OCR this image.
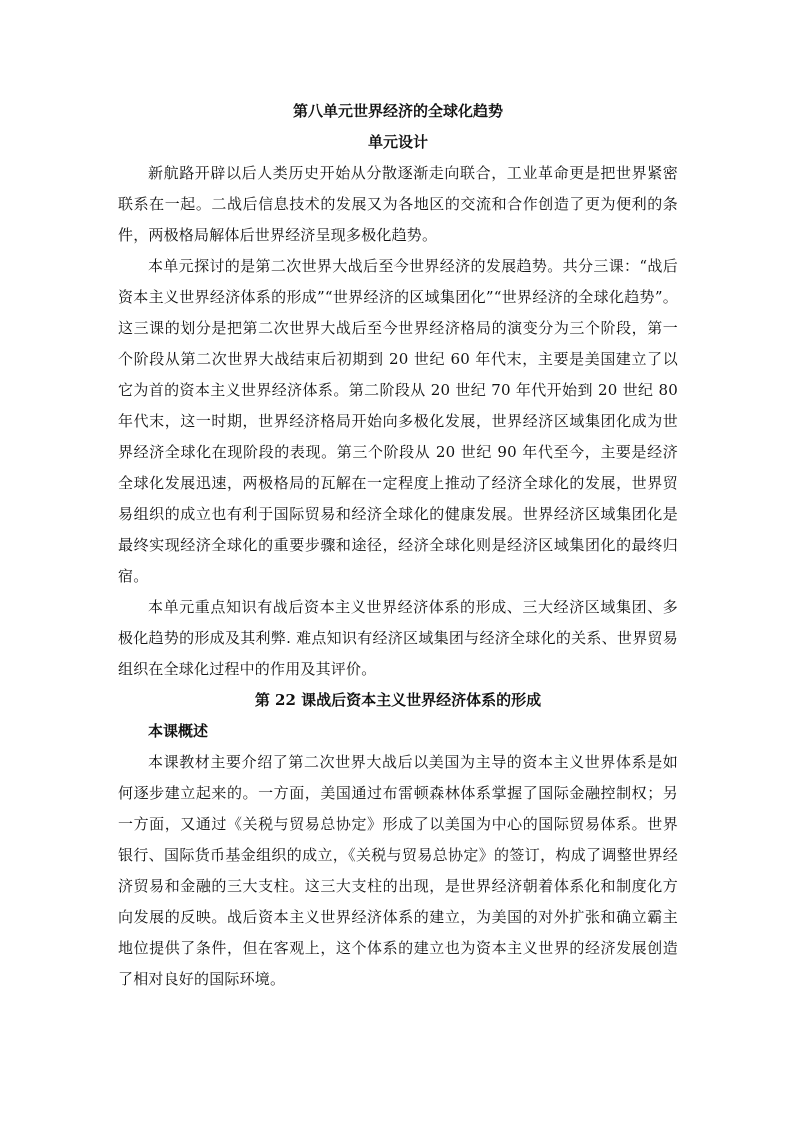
第八单元世界经济的全球化趋势
单元设计

新航路开辟以后人类历史开始从分散逐渐走向联合，工业革命更是把世界紧密联系在一起。二战后信息技术的发展又为各地区的交流和合作创造了更为便利的条件，两极格局解体后世界经济呈现多极化趋势。

本单元探讨的是第二次世界大战后至今世界经济的发展趋势。共分三课：“战后资本主义世界经济体系的形成”“世界经济的区域集团化”“世界经济的全球化趋势”。这三课的划分是把第二次世界大战后至今世界经济格局的演变分为三个阶段，第一个阶段从第二次世界大战结束后初期到 20 世纪 60 年代末，主要是美国建立了以它为首的资本主义世界经济体系。第二阶段从 20 世纪 70 年代开始到 20 世纪 80 年代末，这一时期，世界经济格局开始向多极化发展，世界经济区域集团化成为世界经济全球化在现阶段的表现。第三个阶段从 20 世纪 90 年代至今，主要是经济全球化发展迅速，两极格局的瓦解在一定程度上推动了经济全球化的发展，世界贸易组织的成立也有利于国际贸易和经济全球化的健康发展。世界经济区域集团化是最终实现经济全球化的重要步骤和途径，经济全球化则是经济区域集团化的最终归宿。

本单元重点知识有战后资本主义世界经济体系的形成、三大经济区域集团、多极化趋势的形成及其利弊. 难点知识有经济区域集团与经济全球化的关系、世界贸易组织在全球化过程中的作用及其评价。

第 22 课战后资本主义世界经济体系的形成
本课概述

本课教材主要介绍了第二次世界大战后以美国为主导的资本主义世界体系是如何逐步建立起来的。一方面，美国通过布雷顿森林体系掌握了国际金融控制权；另一方面，又通过《关税与贸易总协定》形成了以美国为中心的国际贸易体系。世界银行、国际货币基金组织的成立，《关税与贸易总协定》的签订，构成了调整世界经济贸易和金融的三大支柱。这三大支柱的出现，是世界经济朝着体系化和制度化方向发展的反映。战后资本主义世界经济体系的建立，为美国的对外扩张和确立霸主地位提供了条件，但在客观上，这个体系的建立也为资本主义世界的经济发展创造了相对良好的国际环境。
